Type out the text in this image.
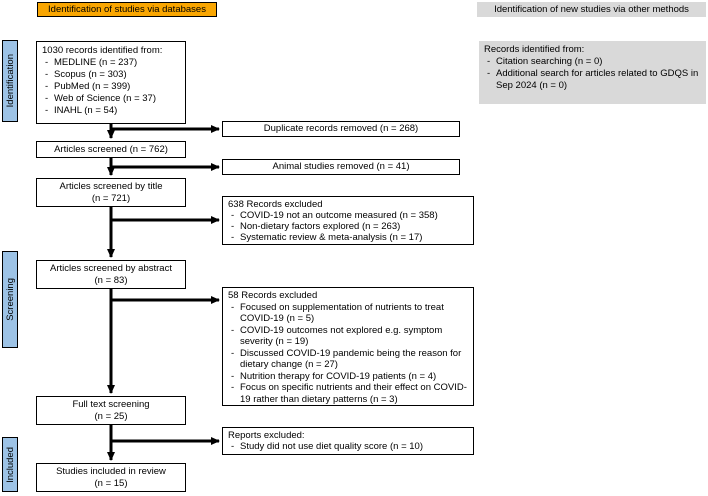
Identification of studies via databases	Identification of new studies via other methods
Identification
Screening
Included
1030 records identified from:
- MEDLINE (n = 237)
- Scopus (n = 303)
- PubMed (n = 399)
- Web of Science (n = 37)
- INAHL (n = 54)
Records identified from:
- Citation searching (n = 0)
- Additional search for articles related to GDQS in Sep 2024 (n = 0)
Duplicate records removed (n = 268)
Articles screened (n = 762)
Animal studies removed (n = 41)
Articles screened by title
(n = 721)
638 Records excluded
- COVID-19 not an outcome measured (n = 358)
- Non-dietary factors explored (n = 263)
- Systematic review & meta-analysis (n = 17)
Articles screened by abstract
(n = 83)
58 Records excluded
- Focused on supplementation of nutrients to treat COVID-19 (n = 5)
- COVID-19 outcomes not explored e.g. symptom severity (n = 19)
- Discussed COVID-19 pandemic being the reason for dietary change (n = 27)
- Nutrition therapy for COVID-19 patients (n = 4)
- Focus on specific nutrients and their effect on COVID-19 rather than dietary patterns (n = 3)
Full text screening
(n = 25)
Reports excluded:
- Study did not use diet quality score (n = 10)
Studies included in review
(n = 15)
